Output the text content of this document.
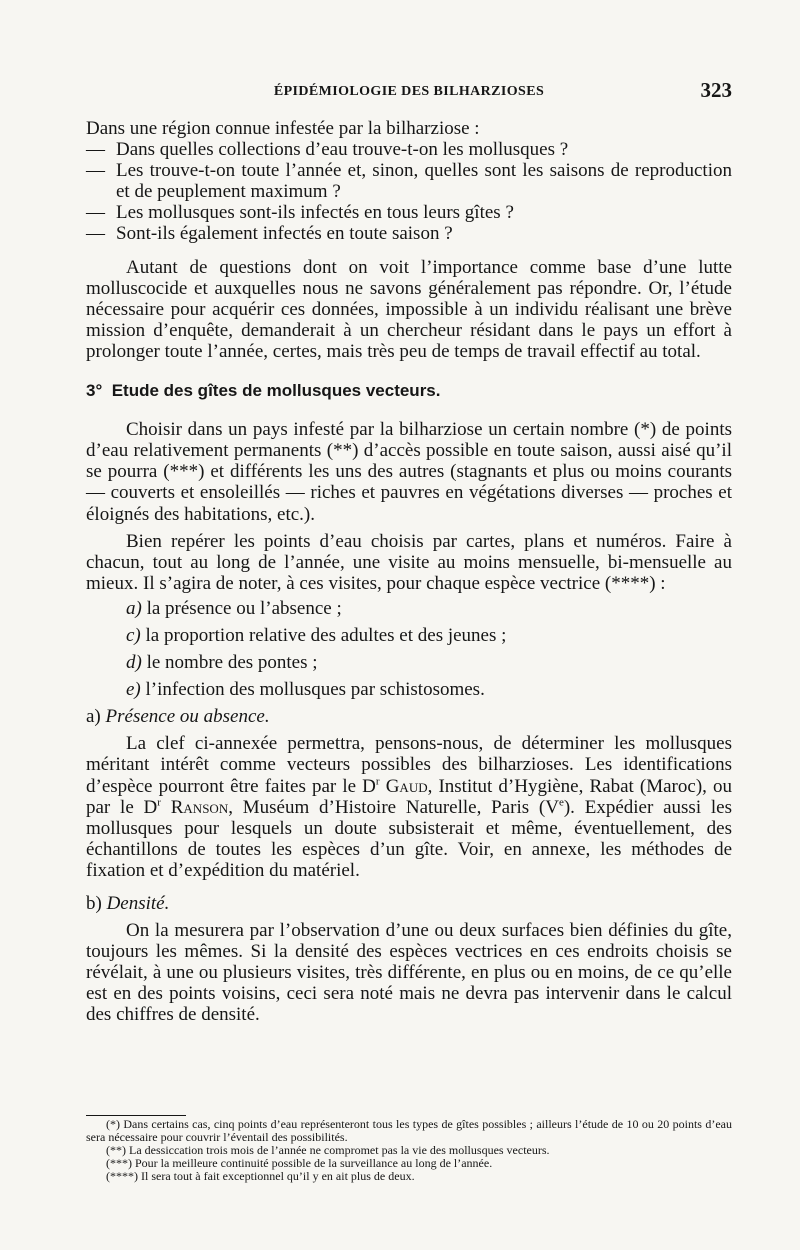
ÉPIDÉMIOLOGIE DES BILHARZIOSES	323

Dans une région connue infestée par la bilharziose :

— Dans quelles collections d’eau trouve-t-on les mollusques ?
— Les trouve-t-on toute l’année et, sinon, quelles sont les saisons de reproduction et de peuplement maximum ?
— Les mollusques sont-ils infectés en tous leurs gîtes ?
— Sont-ils également infectés en toute saison ?

Autant de questions dont on voit l’importance comme base d’une lutte molluscocide et auxquelles nous ne savons généralement pas répondre. Or, l’étude nécessaire pour acquérir ces données, impossible à un individu réalisant une brève mission d’enquête, demanderait à un chercheur résidant dans le pays un effort à prolonger toute l’année, certes, mais très peu de temps de travail effectif au total.

3° Etude des gîtes de mollusques vecteurs.

Choisir dans un pays infesté par la bilharziose un certain nombre (*) de points d’eau relativement permanents (**) d’accès possible en toute saison, aussi aisé qu’il se pourra (***) et différents les uns des autres (stagnants et plus ou moins courants — couverts et ensoleillés — riches et pauvres en végétations diverses — proches et éloignés des habitations, etc.).

Bien repérer les points d’eau choisis par cartes, plans et numéros. Faire à chacun, tout au long de l’année, une visite au moins mensuelle, bi-mensuelle au mieux. Il s’agira de noter, à ces visites, pour chaque espèce vectrice (****) :

a) la présence ou l’absence ;
c) la proportion relative des adultes et des jeunes ;
d) le nombre des pontes ;
e) l’infection des mollusques par schistosomes.

a) Présence ou absence.

La clef ci-annexée permettra, pensons-nous, de déterminer les mollusques méritant intérêt comme vecteurs possibles des bilharzioses. Les identifications d’espèce pourront être faites par le $D^r$ Gaud, Institut d’Hygiène, Rabat (Maroc), ou par le $D^r$ Ranson, Muséum d’Histoire Naturelle, Paris (Ve). Expédier aussi les mollusques pour lesquels un doute subsisterait et même, éventuellement, des échantillons de toutes les espèces d’un gîte. Voir, en annexe, les méthodes de fixation et d’expédition du matériel.

b) Densité.

On la mesurera par l’observation d’une ou deux surfaces bien définies du gîte, toujours les mêmes. Si la densité des espèces vectrices en ces endroits choisis se révélait, à une ou plusieurs visites, très différente, en plus ou en moins, de ce qu’elle est en des points voisins, ceci sera noté mais ne devra pas intervenir dans le calcul des chiffres de densité.

(*) Dans certains cas, cinq points d’eau représenteront tous les types de gîtes possibles ; ailleurs l’étude de 10 ou 20 points d’eau sera nécessaire pour couvrir l’éventail des possibilités.

(**) La dessiccation trois mois de l’année ne compromet pas la vie des mollusques vecteurs.

(***) Pour la meilleure continuité possible de la surveillance au long de l’année.

(****) Il sera tout à fait exceptionnel qu’il y en ait plus de deux.
